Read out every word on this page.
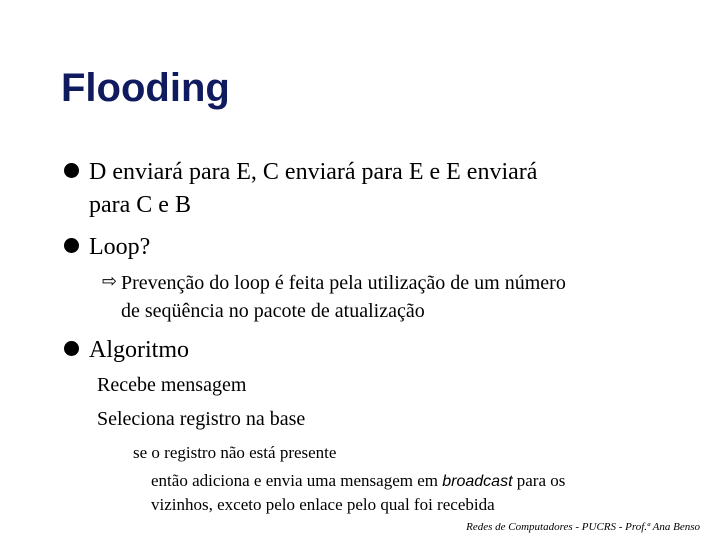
Flooding
D enviará para E, C enviará para E e E enviará
para C e B
Loop?
⇨ Prevenção do loop é feita pela utilização de um número
de seqüência no pacote de atualização
Algoritmo
Recebe mensagem
Seleciona registro na base
se o registro não está presente
então adiciona e envia uma mensagem em broadcast para os
vizinhos, exceto pelo enlace pelo qual foi recebida
Redes de Computadores - PUCRS - Prof.ª Ana Benso
